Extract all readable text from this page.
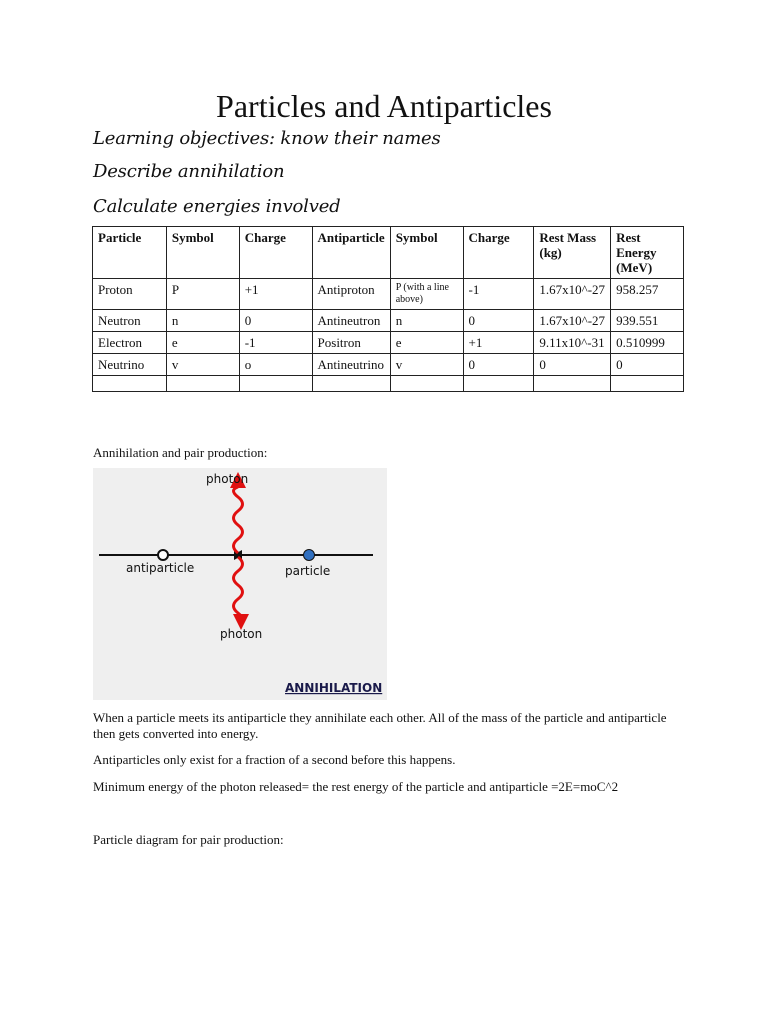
Particles and Antiparticles

Learning objectives: know their names

Describe annihilation

Calculate energies involved

Particle	Symbol	Charge	Antiparticle	Symbol	Charge	Rest Mass (kg)	Rest Energy (MeV)
Proton	P	+1	Antiproton	P (with a line above)	-1	1.67x10^-27	958.257
Neutron	n	0	Antineutron	n	0	1.67x10^-27	939.551
Electron	e	-1	Positron	e	+1	9.11x10^-31	0.510999
Neutrino	v	o	Antineutrino	v	0	0	0

Annihilation and pair production:

photon
photon
antiparticle	particle
ANNIHILATION

When a particle meets its antiparticle they annihilate each other. All of the mass of the particle and antiparticle then gets converted into energy.

Antiparticles only exist for a fraction of a second before this happens.

Minimum energy of the photon released= the rest energy of the particle and antiparticle =2E=moC^2

Particle diagram for pair production:
